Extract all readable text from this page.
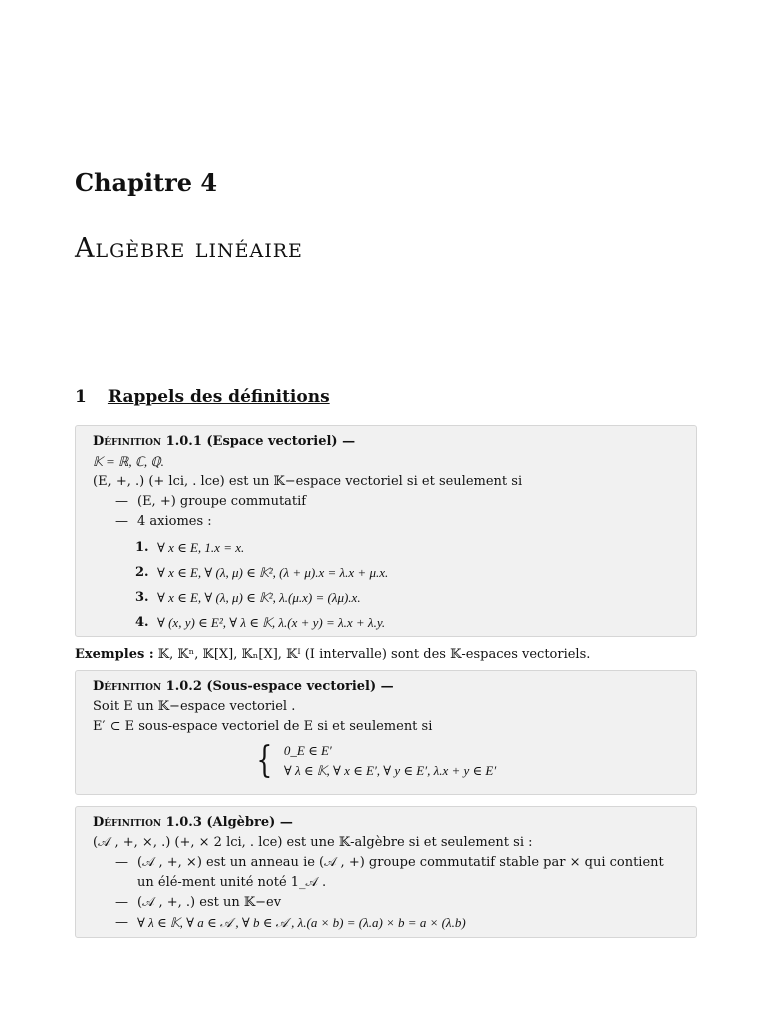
Chapitre 4
Algèbre linéaire
1 Rappels des définitions
Définition 1.0.1 (Espace vectoriel) —
𝕂 = ℝ, ℂ, ℚ.
(E, +, .) (+ lci, . lce) est un 𝕂−espace vectoriel si et seulement si
— (E, +) groupe commutatif
— 4 axiomes :
1. ∀ x ∈ E, 1.x = x.
2. ∀ x ∈ E, ∀ (λ, μ) ∈ 𝕂², (λ + μ).x = λ.x + μ.x.
3. ∀ x ∈ E, ∀ (λ, μ) ∈ 𝕂², λ.(μ.x) = (λμ).x.
4. ∀ (x, y) ∈ E², ∀ λ ∈ 𝕂, λ.(x + y) = λ.x + λ.y.
Exemples : 𝕂, 𝕂ⁿ, 𝕂[X], 𝕂ₙ[X], 𝕂ᴵ (I intervalle) sont des 𝕂-espaces vectoriels.
Définition 1.0.2 (Sous-espace vectoriel) —
Soit E un 𝕂−espace vectoriel .
E′ ⊂ E sous-espace vectoriel de E si et seulement si
{ 0_E ∈ E′
∀ λ ∈ 𝕂, ∀ x ∈ E′, ∀ y ∈ E′, λ.x + y ∈ E′
Définition 1.0.3 (Algèbre) —
(𝒜 , +, ×, .) (+, × 2 lci, . lce) est une 𝕂-algèbre si et seulement si :
— (𝒜 , +, ×) est un anneau ie (𝒜 , +) groupe commutatif stable par × qui contient un élé-ment unité noté 1_𝒜 .
— (𝒜 , +, .) est un 𝕂−ev
— ∀ λ ∈ 𝕂, ∀ a ∈ 𝒜 , ∀ b ∈ 𝒜 , λ.(a × b) = (λ.a) × b = a × (λ.b)
